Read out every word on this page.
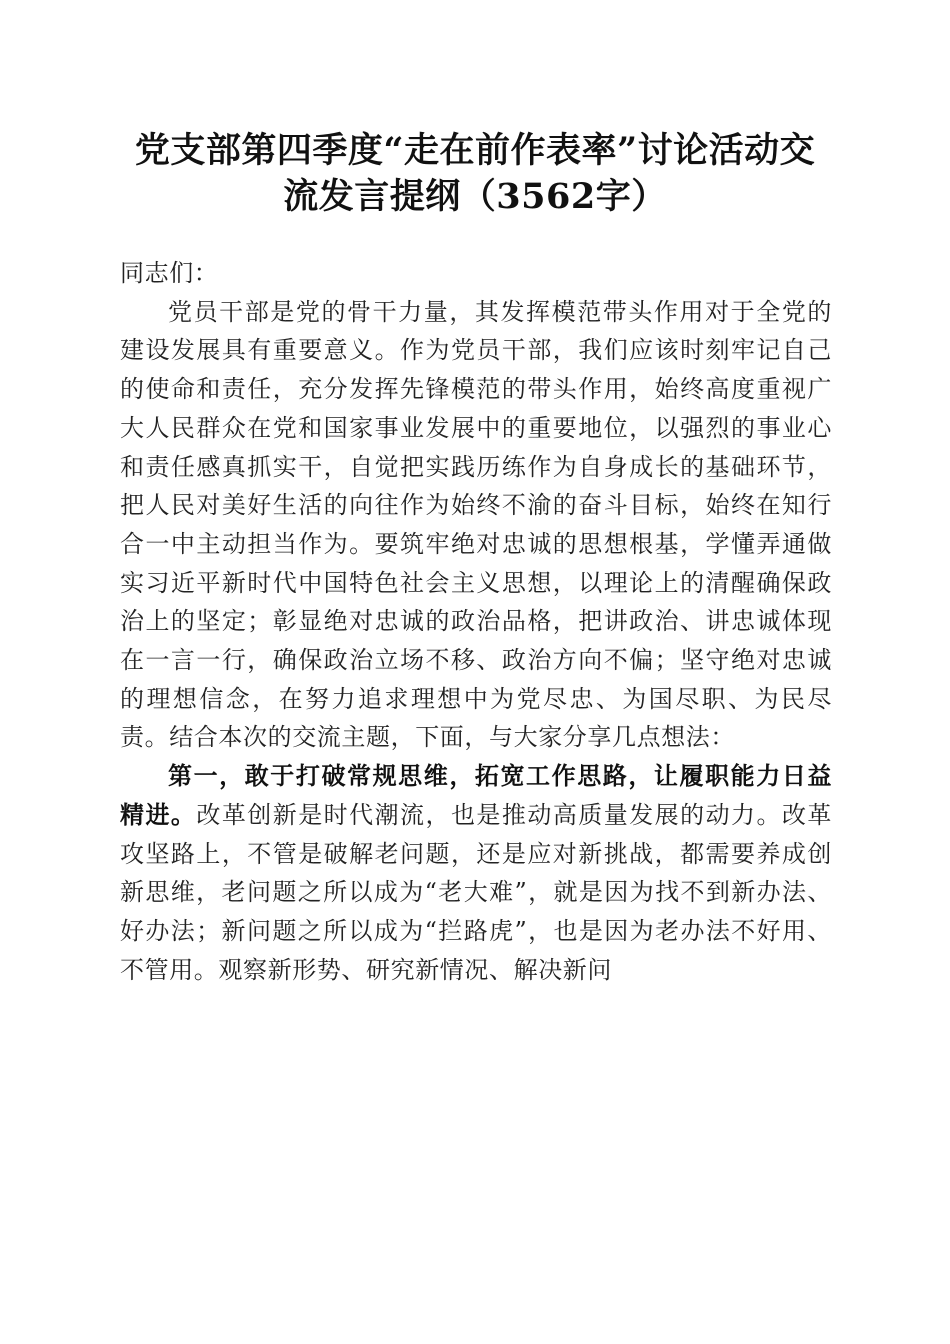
党支部第四季度“走在前作表率”讨论活动交
流发言提纲（3562字）

同志们：

党员干部是党的骨干力量，其发挥模范带头作用对于全党的建设发展具有重要意义。作为党员干部，我们应该时刻牢记自己的使命和责任，充分发挥先锋模范的带头作用，始终高度重视广大人民群众在党和国家事业发展中的重要地位，以强烈的事业心和责任感真抓实干，自觉把实践历练作为自身成长的基础环节，把人民对美好生活的向往作为始终不渝的奋斗目标，始终在知行合一中主动担当作为。要筑牢绝对忠诚的思想根基，学懂弄通做实习近平新时代中国特色社会主义思想，以理论上的清醒确保政治上的坚定；彰显绝对忠诚的政治品格，把讲政治、讲忠诚体现在一言一行，确保政治立场不移、政治方向不偏；坚守绝对忠诚的理想信念，在努力追求理想中为党尽忠、为国尽职、为民尽责。结合本次的交流主题，下面，与大家分享几点想法：

第一，敢于打破常规思维，拓宽工作思路，让履职能力日益精进。改革创新是时代潮流，也是推动高质量发展的动力。改革攻坚路上，不管是破解老问题，还是应对新挑战，都需要养成创新思维，老问题之所以成为“老大难”，就是因为找不到新办法、好办法；新问题之所以成为“拦路虎”，也是因为老办法不好用、不管用。观察新形势、研究新情况、解决新问
